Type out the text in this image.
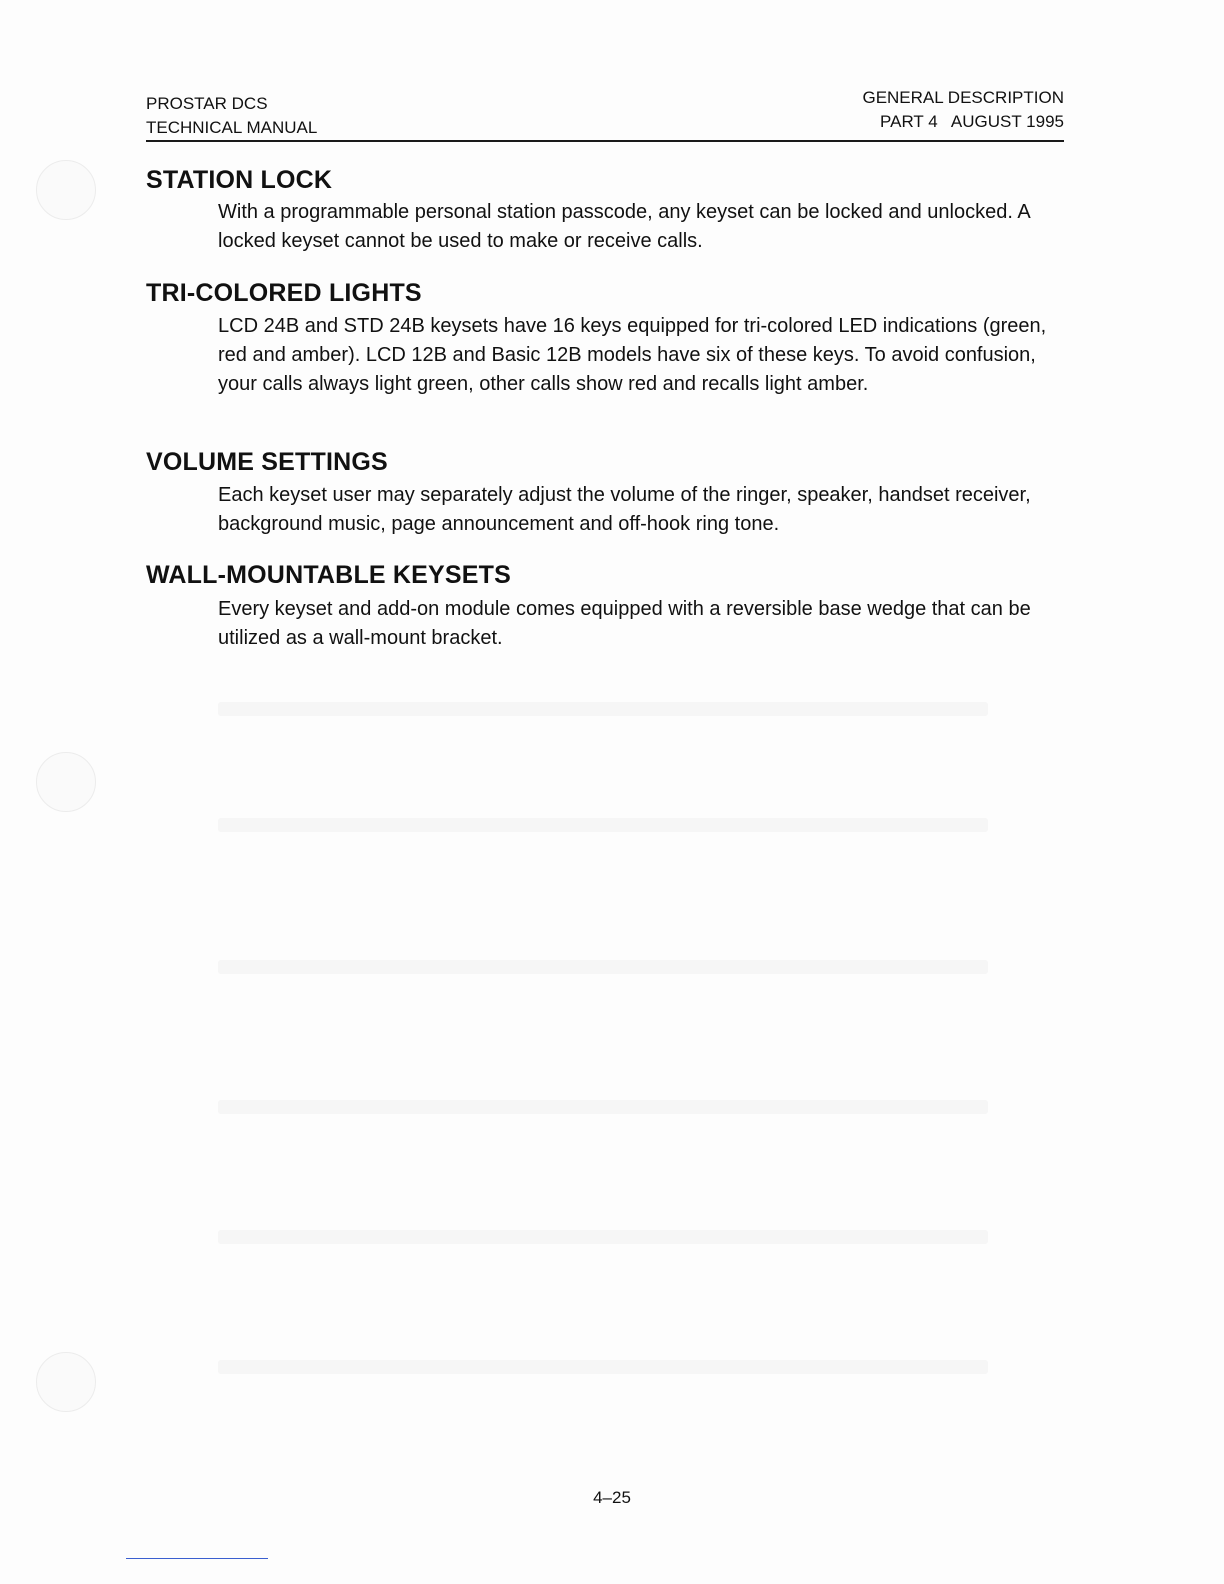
PROSTAR DCS
TECHNICAL MANUAL
GENERAL DESCRIPTION
PART 4   AUGUST 1995
STATION LOCK

With a programmable personal station passcode, any keyset can be locked and unlocked. A locked keyset cannot be used to make or receive calls.

TRI-COLORED LIGHTS

LCD 24B and STD 24B keysets have 16 keys equipped for tri-colored LED indications (green, red and amber). LCD 12B and Basic 12B models have six of these keys. To avoid confusion, your calls always light green, other calls show red and recalls light amber.

VOLUME SETTINGS

Each keyset user may separately adjust the volume of the ringer, speaker, handset receiver, background music, page announcement and off-hook ring tone.

WALL-MOUNTABLE KEYSETS

Every keyset and add-on module comes equipped with a reversible base wedge that can be utilized as a wall-mount bracket.

4–25
